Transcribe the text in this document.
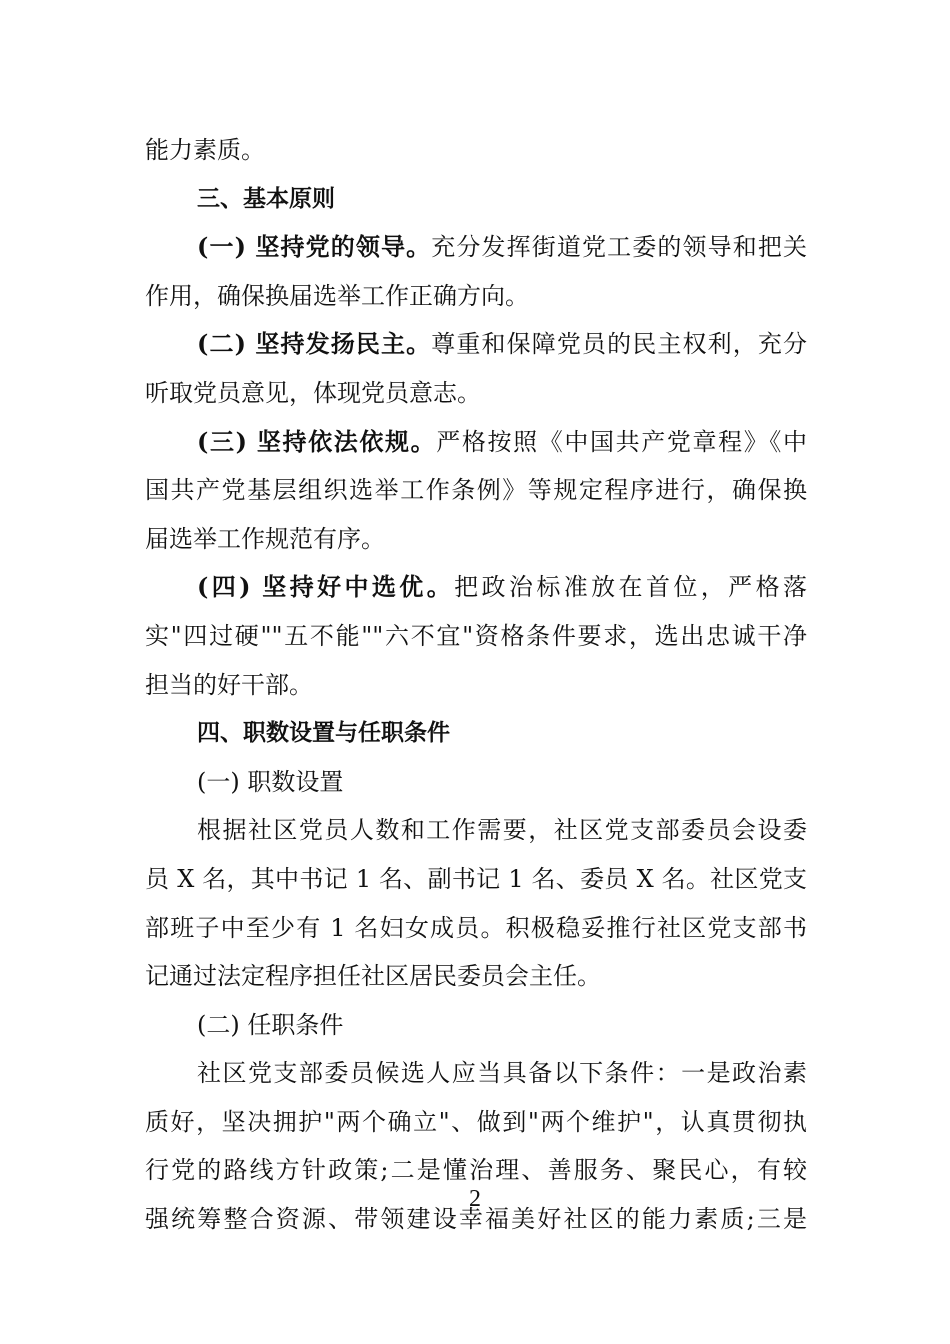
能力素质。
三、基本原则
(一) 坚持党的领导。充分发挥街道党工委的领导和把关
作用，确保换届选举工作正确方向。
(二) 坚持发扬民主。尊重和保障党员的民主权利，充分
听取党员意见，体现党员意志。
(三) 坚持依法依规。严格按照《中国共产党章程》《中
国共产党基层组织选举工作条例》等规定程序进行，确保换
届选举工作规范有序。
(四) 坚持好中选优。把政治标准放在首位，严格落
实"四过硬""五不能""六不宜"资格条件要求，选出忠诚干净
担当的好干部。
四、职数设置与任职条件
(一) 职数设置
根据社区党员人数和工作需要，社区党支部委员会设委
员 X 名，其中书记 1 名、副书记 1 名、委员 X 名。社区党支
部班子中至少有 1 名妇女成员。积极稳妥推行社区党支部书
记通过法定程序担任社区居民委员会主任。
(二) 任职条件
社区党支部委员候选人应当具备以下条件：一是政治素
质好，坚决拥护"两个确立"、做到"两个维护"，认真贯彻执
行党的路线方针政策;二是懂治理、善服务、聚民心，有较
强统筹整合资源、带领建设幸福美好社区的能力素质;三是
2
